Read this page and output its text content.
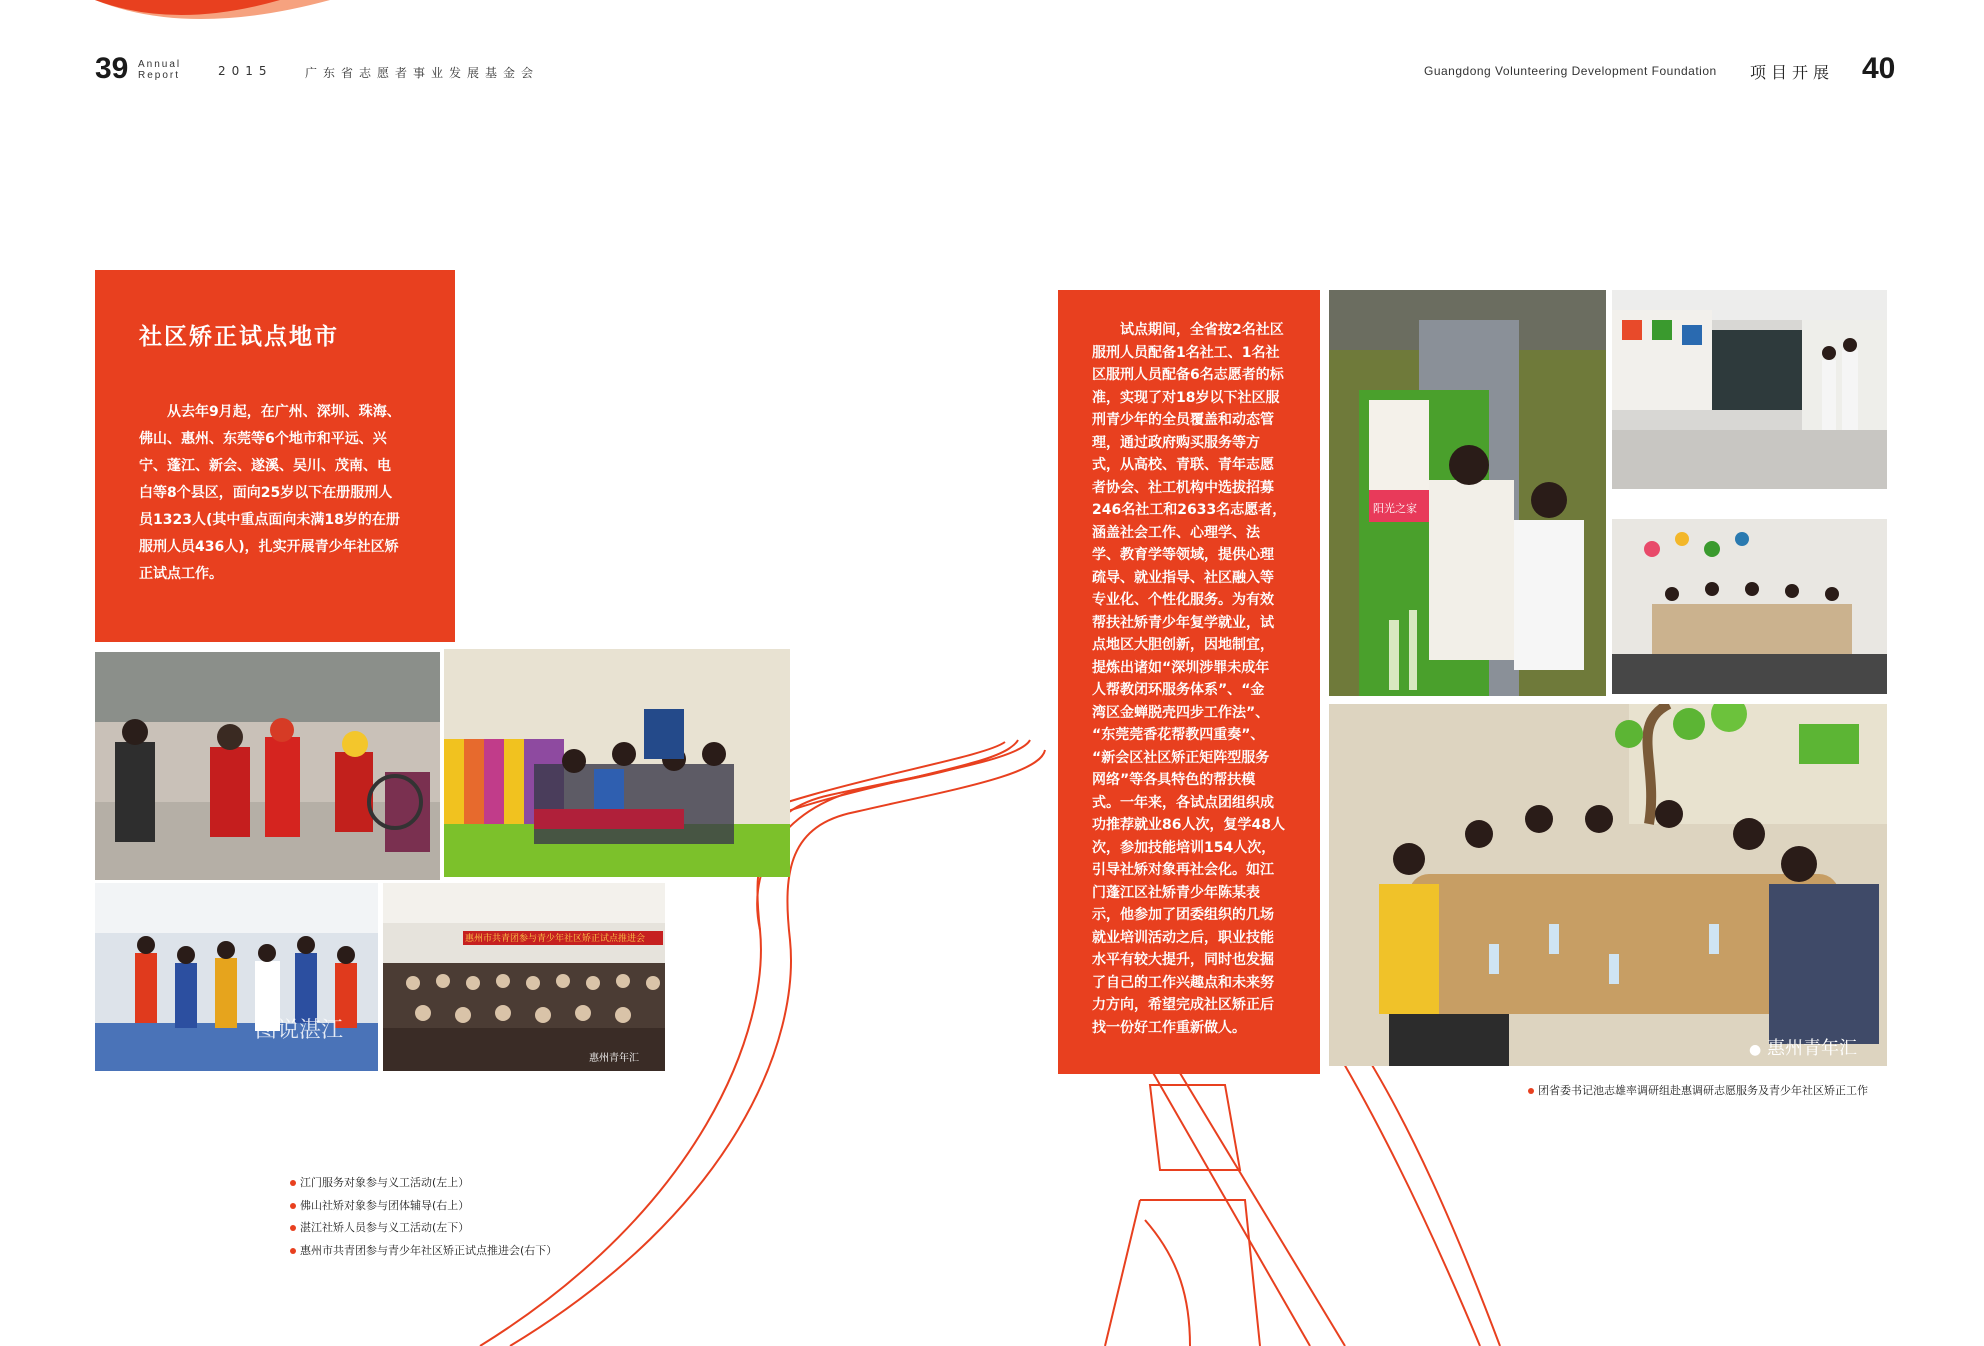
39 Annual
Report	2015	广东省志愿者事业发展基金会	Guangdong Volunteering Development Foundation 项目开展 40
社区矫正试点地市
　　从去年9月起，在广州、深圳、珠海、
佛山、惠州、东莞等6个地市和平远、兴
宁、蓬江、新会、遂溪、吴川、茂南、电
白等8个县区，面向25岁以下在册服刑人
员1323人(其中重点面向未满18岁的在册
服刑人员436人)，扎实开展青少年社区矫
正试点工作。
　　试点期间，全省按2名社区
服刑人员配备1名社工、1名社
区服刑人员配备6名志愿者的标
准，实现了对18岁以下社区服
刑青少年的全员覆盖和动态管
理，通过政府购买服务等方
式，从高校、青联、青年志愿
者协会、社工机构中选拔招募
246名社工和2633名志愿者，
涵盖社会工作、心理学、法
学、教育学等领域，提供心理
疏导、就业指导、社区融入等
专业化、个性化服务。为有效
帮扶社矫青少年复学就业，试
点地区大胆创新，因地制宜，
提炼出诸如“深圳涉罪未成年
人帮教闭环服务体系”、“金
湾区金蝉脱壳四步工作法”、
“东莞莞香花帮教四重奏”、
“新会区社区矫正矩阵型服务
网络”等各具特色的帮扶模
式。一年来，各试点团组织成
功推荐就业86人次，复学48人
次，参加技能培训154人次，
引导社矫对象再社会化。如江
门蓬江区社矫青少年陈某表
示，他参加了团委组织的几场
就业培训活动之后，职业技能
水平有较大提升，同时也发掘
了自己的工作兴趣点和未来努
力方向，希望完成社区矫正后
找一份好工作重新做人。
图说湛江
惠州市共青团参与青少年社区矫正试点推进会
惠州青年汇
江门服务对象参与义工活动(左上）
佛山社矫对象参与团体辅导(右上）
湛江社矫人员参与义工活动(左下）
惠州市共青团参与青少年社区矫正试点推进会(右下）
阳光之家
● 惠州青年汇
团省委书记池志雄率调研组赴惠调研志愿服务及青少年社区矫正工作
